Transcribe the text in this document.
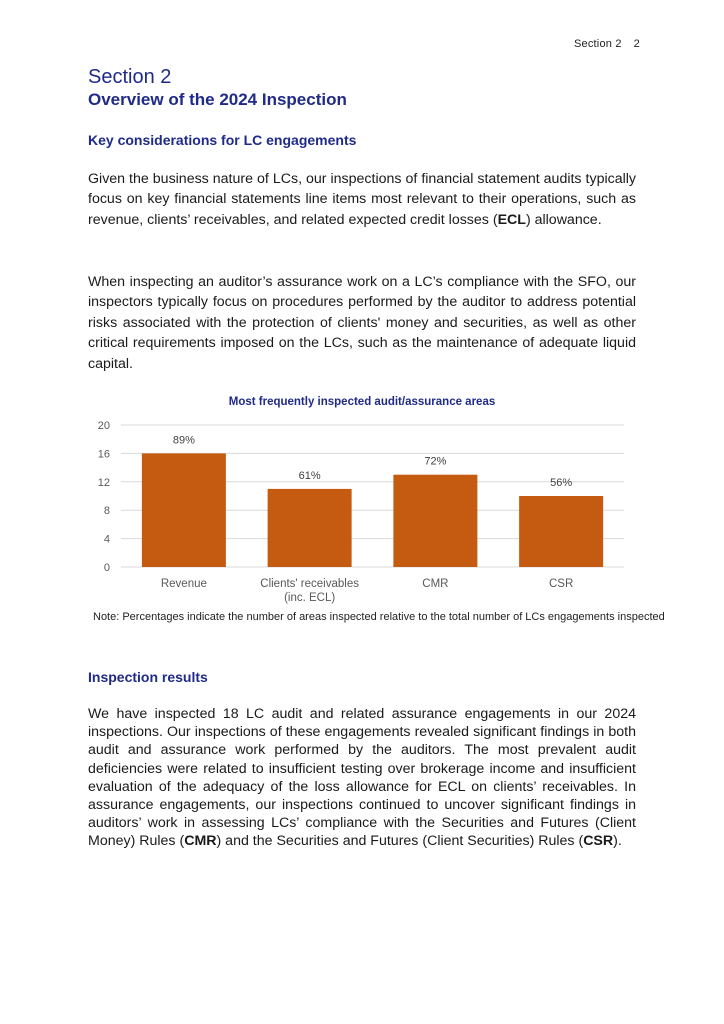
Section 2 2
Section 2
Overview of the 2024 Inspection
Key considerations for LC engagements
Given the business nature of LCs, our inspections of financial statement audits typically focus on key financial statements line items most relevant to their operations, such as revenue, clients’ receivables, and related expected credit losses (ECL) allowance.
When inspecting an auditor’s assurance work on a LC’s compliance with the SFO, our inspectors typically focus on procedures performed by the auditor to address potential risks associated with the protection of clients' money and securities, as well as other critical requirements imposed on the LCs, such as the maintenance of adequate liquid capital.
Most frequently inspected audit/assurance areas
0
4
8
12
16
20
89%
Revenue
61%
Clients' receivables
(inc. ECL)
72%
CMR
56%
CSR
Note: Percentages indicate the number of areas inspected relative to the total number of LCs engagements inspected
Inspection results
We have inspected 18 LC audit and related assurance engagements in our 2024 inspections. Our inspections of these engagements revealed significant findings in both audit and assurance work performed by the auditors. The most prevalent audit deficiencies were related to insufficient testing over brokerage income and insufficient evaluation of the adequacy of the loss allowance for ECL on clients’ receivables. In assurance engagements, our inspections continued to uncover significant findings in auditors’ work in assessing LCs’ compliance with the Securities and Futures (Client Money) Rules (CMR) and the Securities and Futures (Client Securities) Rules (CSR).
